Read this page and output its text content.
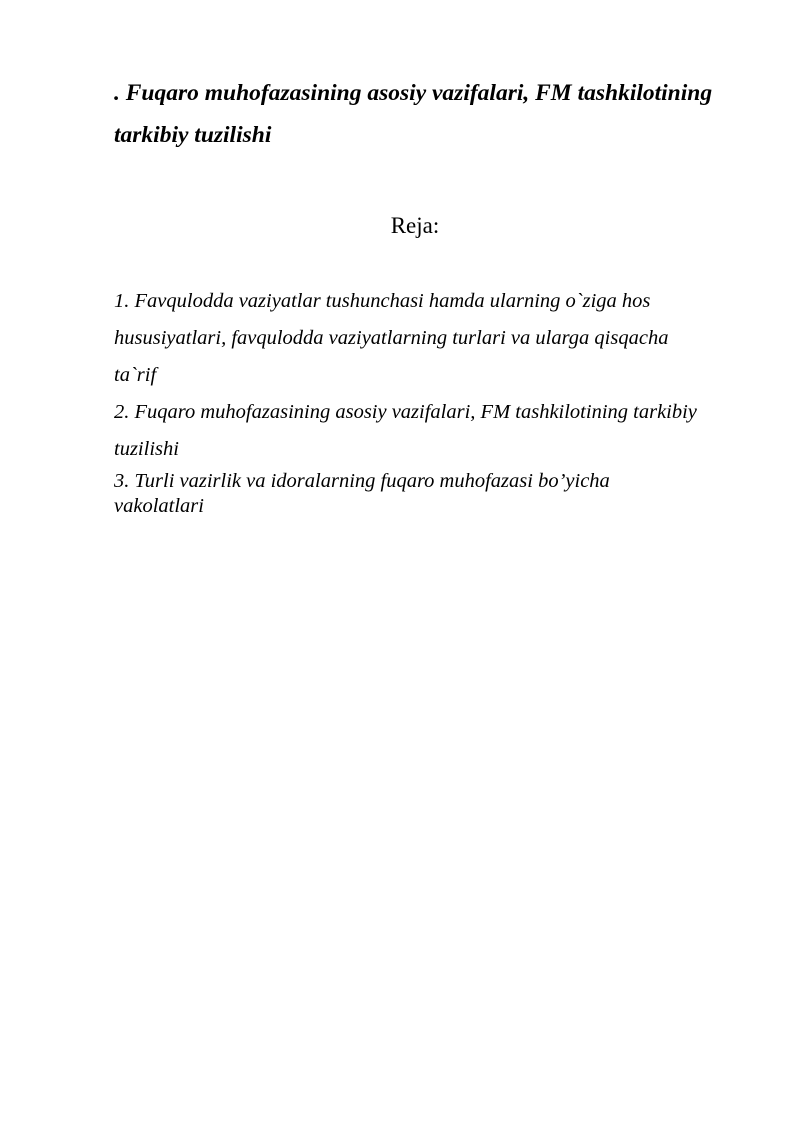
. Fuqaro muhofazasining asosiy vazifalari, FM tashkilotining
tarkibiy tuzilishi
Reja:
1. Favqulodda vaziyatlar tushunchasi hamda ularning o`ziga hos
hususiyatlari, favqulodda vaziyatlarning turlari va ularga qisqacha
ta`rif
2. Fuqaro muhofazasining asosiy vazifalari, FM tashkilotining tarkibiy
tuzilishi
3. Turli vazirlik va idoralarning fuqaro muhofazasi bo’yicha
vakolatlari
